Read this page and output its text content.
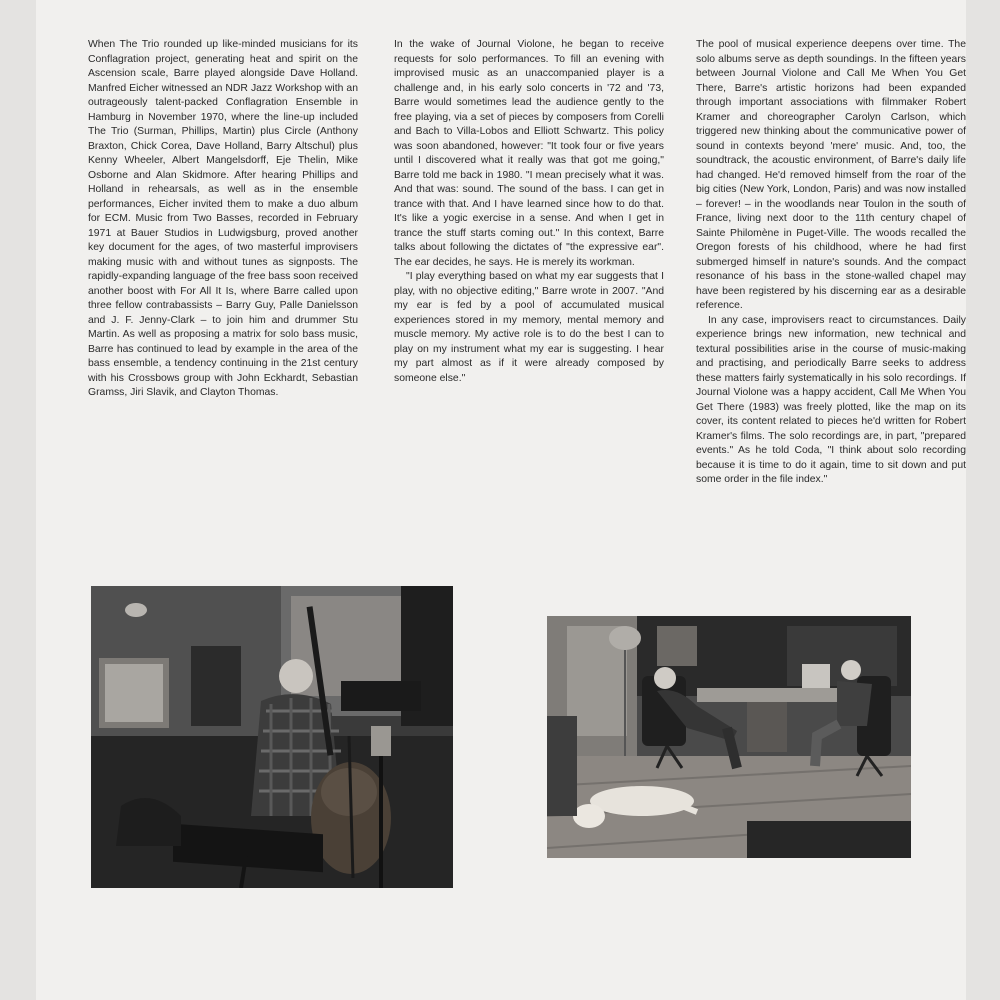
When The Trio rounded up like-minded musicians for its Conflagration project, generating heat and spirit on the Ascension scale, Barre played alongside Dave Holland. Manfred Eicher witnessed an NDR Jazz Workshop with an outrageously talent-packed Conflagration Ensemble in Hamburg in November 1970, where the line-up included The Trio (Surman, Phillips, Martin) plus Circle (Anthony Braxton, Chick Corea, Dave Holland, Barry Altschul) plus Kenny Wheeler, Albert Mangelsdorff, Eje Thelin, Mike Osborne and Alan Skidmore. After hearing Phillips and Holland in rehearsals, as well as in the ensemble performances, Eicher invited them to make a duo album for ECM. Music from Two Basses, recorded in February 1971 at Bauer Studios in Ludwigsburg, proved another key document for the ages, of two masterful improvisers making music with and without tunes as signposts. The rapidly-expanding language of the free bass soon received another boost with For All It Is, where Barre called upon three fellow contrabassists – Barry Guy, Palle Danielsson and J. F. Jenny-Clark – to join him and drummer Stu Martin. As well as proposing a matrix for solo bass music, Barre has continued to lead by example in the area of the bass ensemble, a tendency continuing in the 21st century with his Crossbows group with John Eckhardt, Sebastian Gramss, Jiri Slavik, and Clayton Thomas.

In the wake of Journal Violone, he began to receive requests for solo performances. To fill an evening with improvised music as an unaccompanied player is a challenge and, in his early solo concerts in '72 and '73, Barre would sometimes lead the audience gently to the free playing, via a set of pieces by composers from Corelli and Bach to Villa-Lobos and Elliott Schwartz. This policy was soon abandoned, however: "It took four or five years until I discovered what it really was that got me going," Barre told me back in 1980. "I mean precisely what it was. And that was: sound. The sound of the bass. I can get in trance with that. And I have learned since how to do that. It's like a yogic exercise in a sense. And when I get in trance the stuff starts coming out." In this context, Barre talks about following the dictates of "the expressive ear". The ear decides, he says. He is merely its workman.

"I play everything based on what my ear suggests that I play, with no objective editing," Barre wrote in 2007. "And my ear is fed by a pool of accumulated musical experiences stored in my memory, mental memory and muscle memory. My active role is to do the best I can to play on my instrument what my ear is suggesting. I hear my part almost as if it were already composed by someone else."

The pool of musical experience deepens over time. The solo albums serve as depth soundings. In the fifteen years between Journal Violone and Call Me When You Get There, Barre's artistic horizons had been expanded through important associations with filmmaker Robert Kramer and choreographer Carolyn Carlson, which triggered new thinking about the communicative power of sound in contexts beyond 'mere' music. And, too, the soundtrack, the acoustic environment, of Barre's daily life had changed. He'd removed himself from the roar of the big cities (New York, London, Paris) and was now installed – forever! – in the woodlands near Toulon in the south of France, living next door to the 11th century chapel of Sainte Philomène in Puget-Ville. The woods recalled the Oregon forests of his childhood, where he had first submerged himself in nature's sounds. And the compact resonance of his bass in the stone-walled chapel may have been registered by his discerning ear as a desirable reference.

In any case, improvisers react to circumstances. Daily experience brings new information, new technical and textural possibilities arise in the course of music-making and practising, and periodically Barre seeks to address these matters fairly systematically in his solo recordings. If Journal Violone was a happy accident, Call Me When You Get There (1983) was freely plotted, like the map on its cover, its content related to pieces he'd written for Robert Kramer's films. The solo recordings are, in part, "prepared events." As he told Coda, "I think about solo recording because it is time to do it again, time to sit down and put some order in the file index."
